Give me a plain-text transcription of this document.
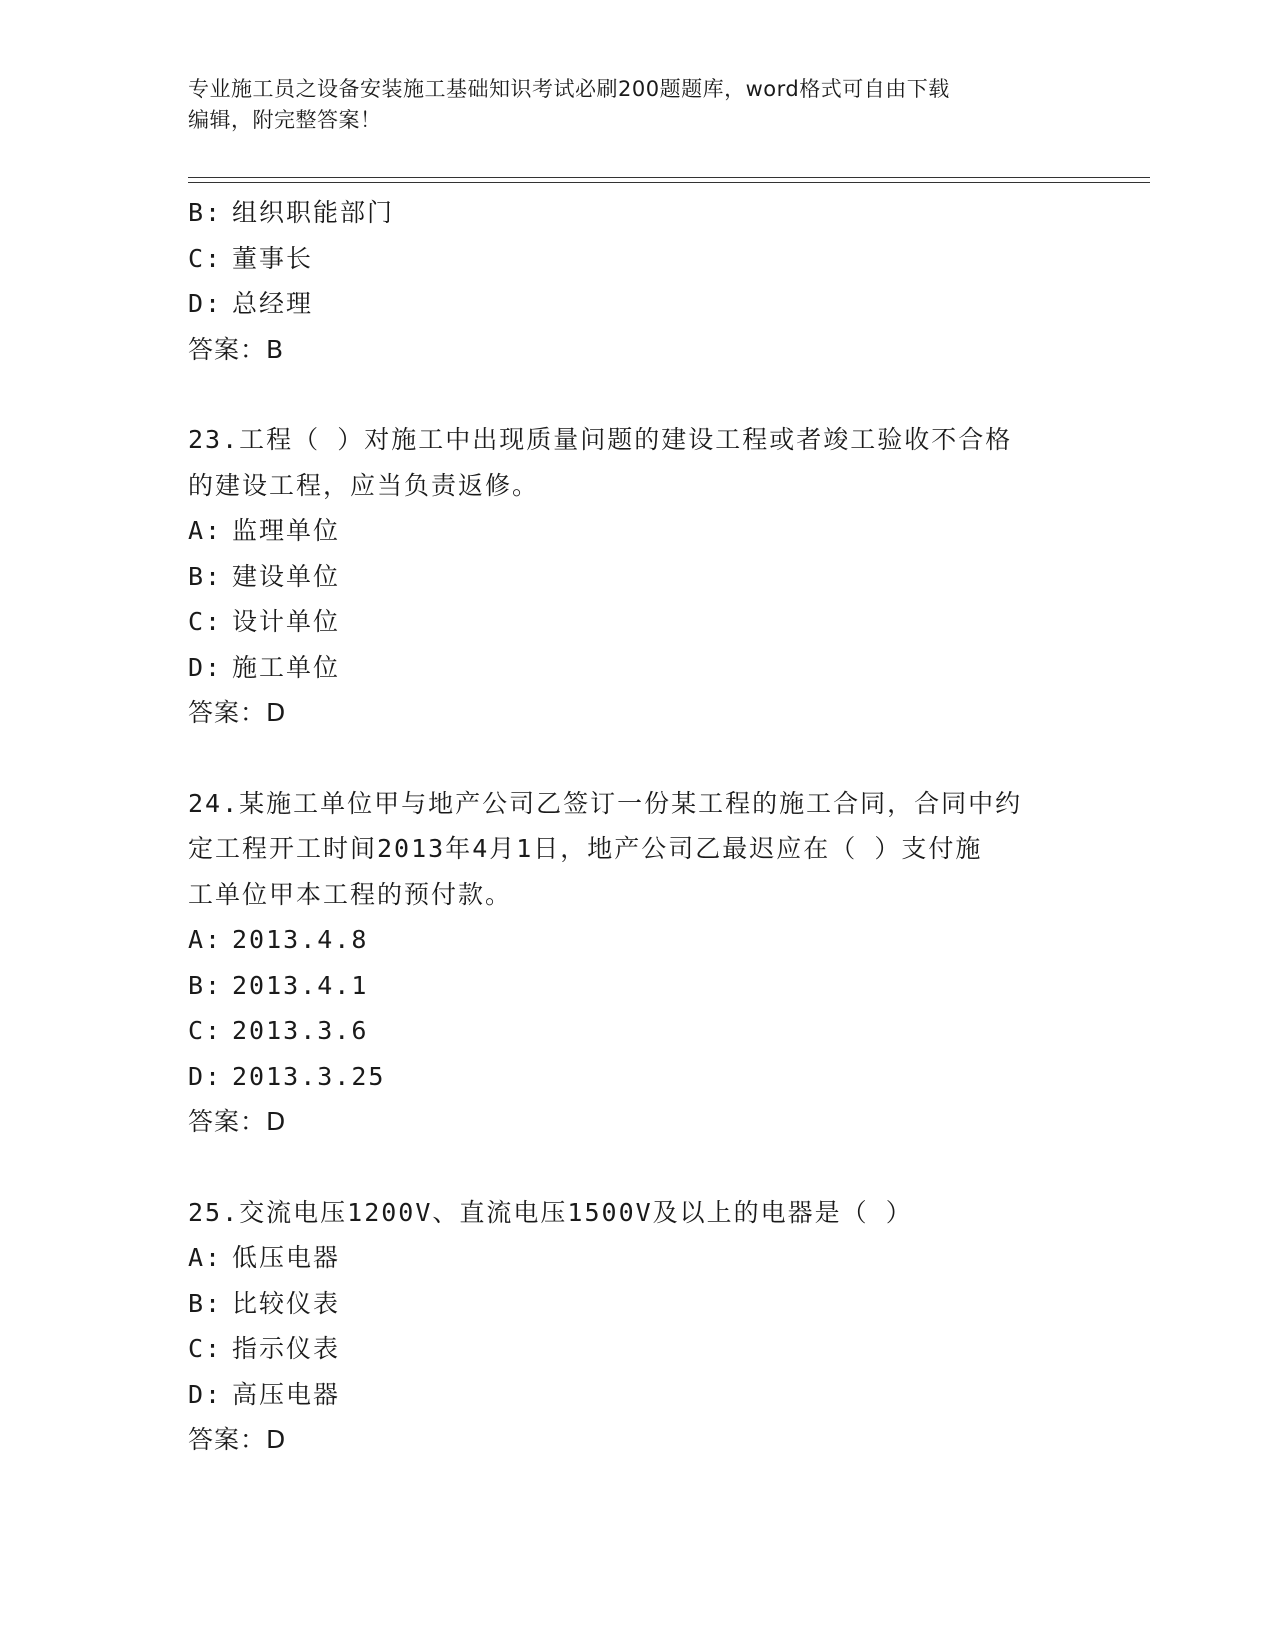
专业施工员之设备安装施工基础知识考试必刷200题题库，word格式可自由下载
编辑，附完整答案！
B: 组织职能部门
C: 董事长
D: 总经理
答案：B
23.工程（ ）对施工中出现质量问题的建设工程或者竣工验收不合格
的建设工程，应当负责返修。
A: 监理单位
B: 建设单位
C: 设计单位
D: 施工单位
答案：D
24.某施工单位甲与地产公司乙签订一份某工程的施工合同，合同中约
定工程开工时间2013年4月1日，地产公司乙最迟应在（ ）支付施
工单位甲本工程的预付款。
A: 2013.4.8
B: 2013.4.1
C: 2013.3.6
D: 2013.3.25
答案：D
25.交流电压1200V、直流电压1500V及以上的电器是（ ）
A: 低压电器
B: 比较仪表
C: 指示仪表
D: 高压电器
答案：D
